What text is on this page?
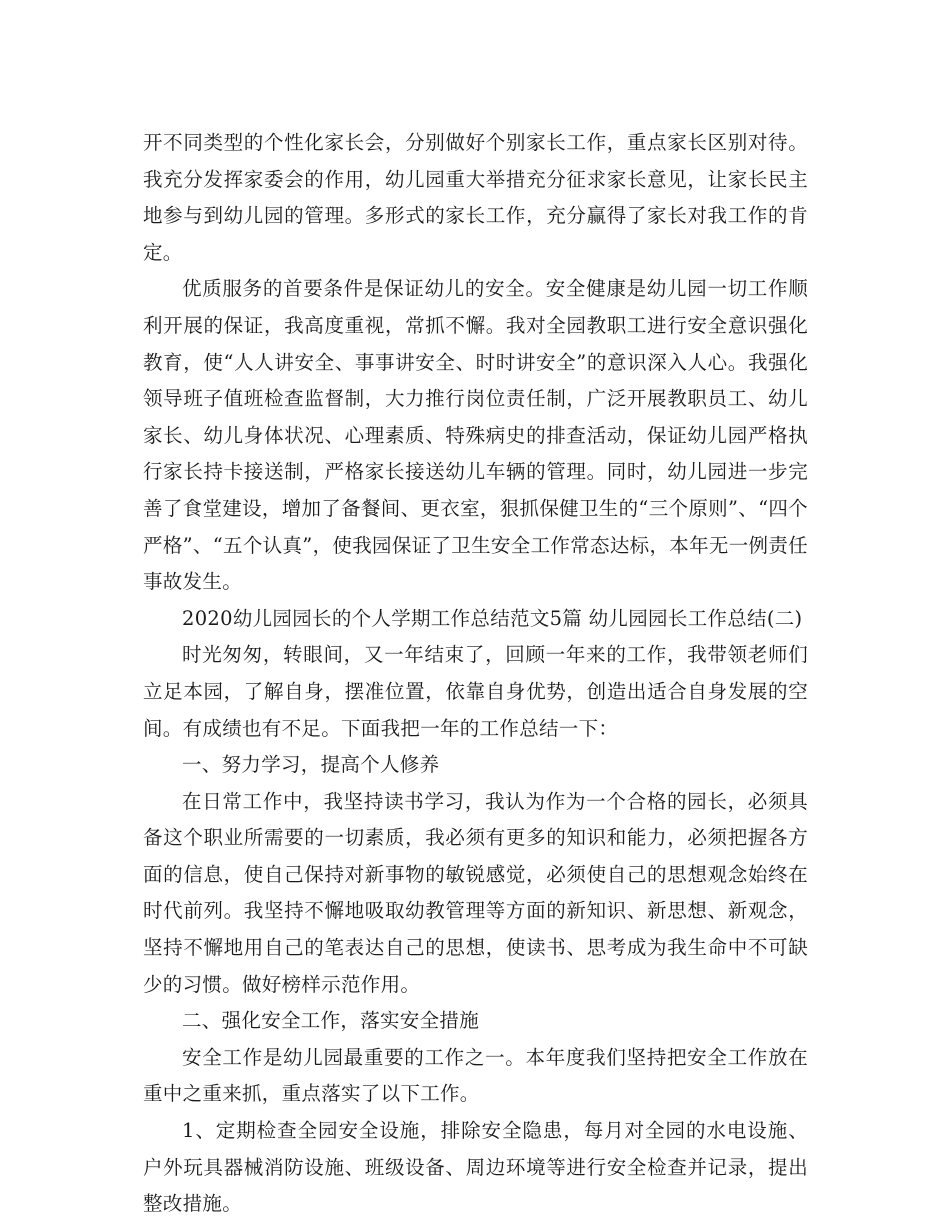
开不同类型的个性化家长会，分别做好个别家长工作，重点家长区别对待。我充分发挥家委会的作用，幼儿园重大举措充分征求家长意见，让家长民主地参与到幼儿园的管理。多形式的家长工作，充分赢得了家长对我工作的肯定。

优质服务的首要条件是保证幼儿的安全。安全健康是幼儿园一切工作顺利开展的保证，我高度重视，常抓不懈。我对全园教职工进行安全意识强化教育，使“人人讲安全、事事讲安全、时时讲安全”的意识深入人心。我强化领导班子值班检查监督制，大力推行岗位责任制，广泛开展教职员工、幼儿家长、幼儿身体状况、心理素质、特殊病史的排查活动，保证幼儿园严格执行家长持卡接送制，严格家长接送幼儿车辆的管理。同时，幼儿园进一步完善了食堂建设，增加了备餐间、更衣室，狠抓保健卫生的“三个原则”、“四个严格”、“五个认真”，使我园保证了卫生安全工作常态达标，本年无一例责任事故发生。

2020幼儿园园长的个人学期工作总结范文5篇 幼儿园园长工作总结(二)

时光匆匆，转眼间，又一年结束了，回顾一年来的工作，我带领老师们立足本园，了解自身，摆准位置，依靠自身优势，创造出适合自身发展的空间。有成绩也有不足。下面我把一年的工作总结一下：

一、努力学习，提高个人修养

在日常工作中，我坚持读书学习，我认为作为一个合格的园长，必须具备这个职业所需要的一切素质，我必须有更多的知识和能力，必须把握各方面的信息，使自己保持对新事物的敏锐感觉，必须使自己的思想观念始终在时代前列。我坚持不懈地吸取幼教管理等方面的新知识、新思想、新观念，坚持不懈地用自己的笔表达自己的思想，使读书、思考成为我生命中不可缺少的习惯。做好榜样示范作用。

二、强化安全工作，落实安全措施

安全工作是幼儿园最重要的工作之一。本年度我们坚持把安全工作放在重中之重来抓，重点落实了以下工作。

1、定期检查全园安全设施，排除安全隐患，每月对全园的水电设施、户外玩具器械消防设施、班级设备、周边环境等进行安全检查并记录，提出整改措施。
